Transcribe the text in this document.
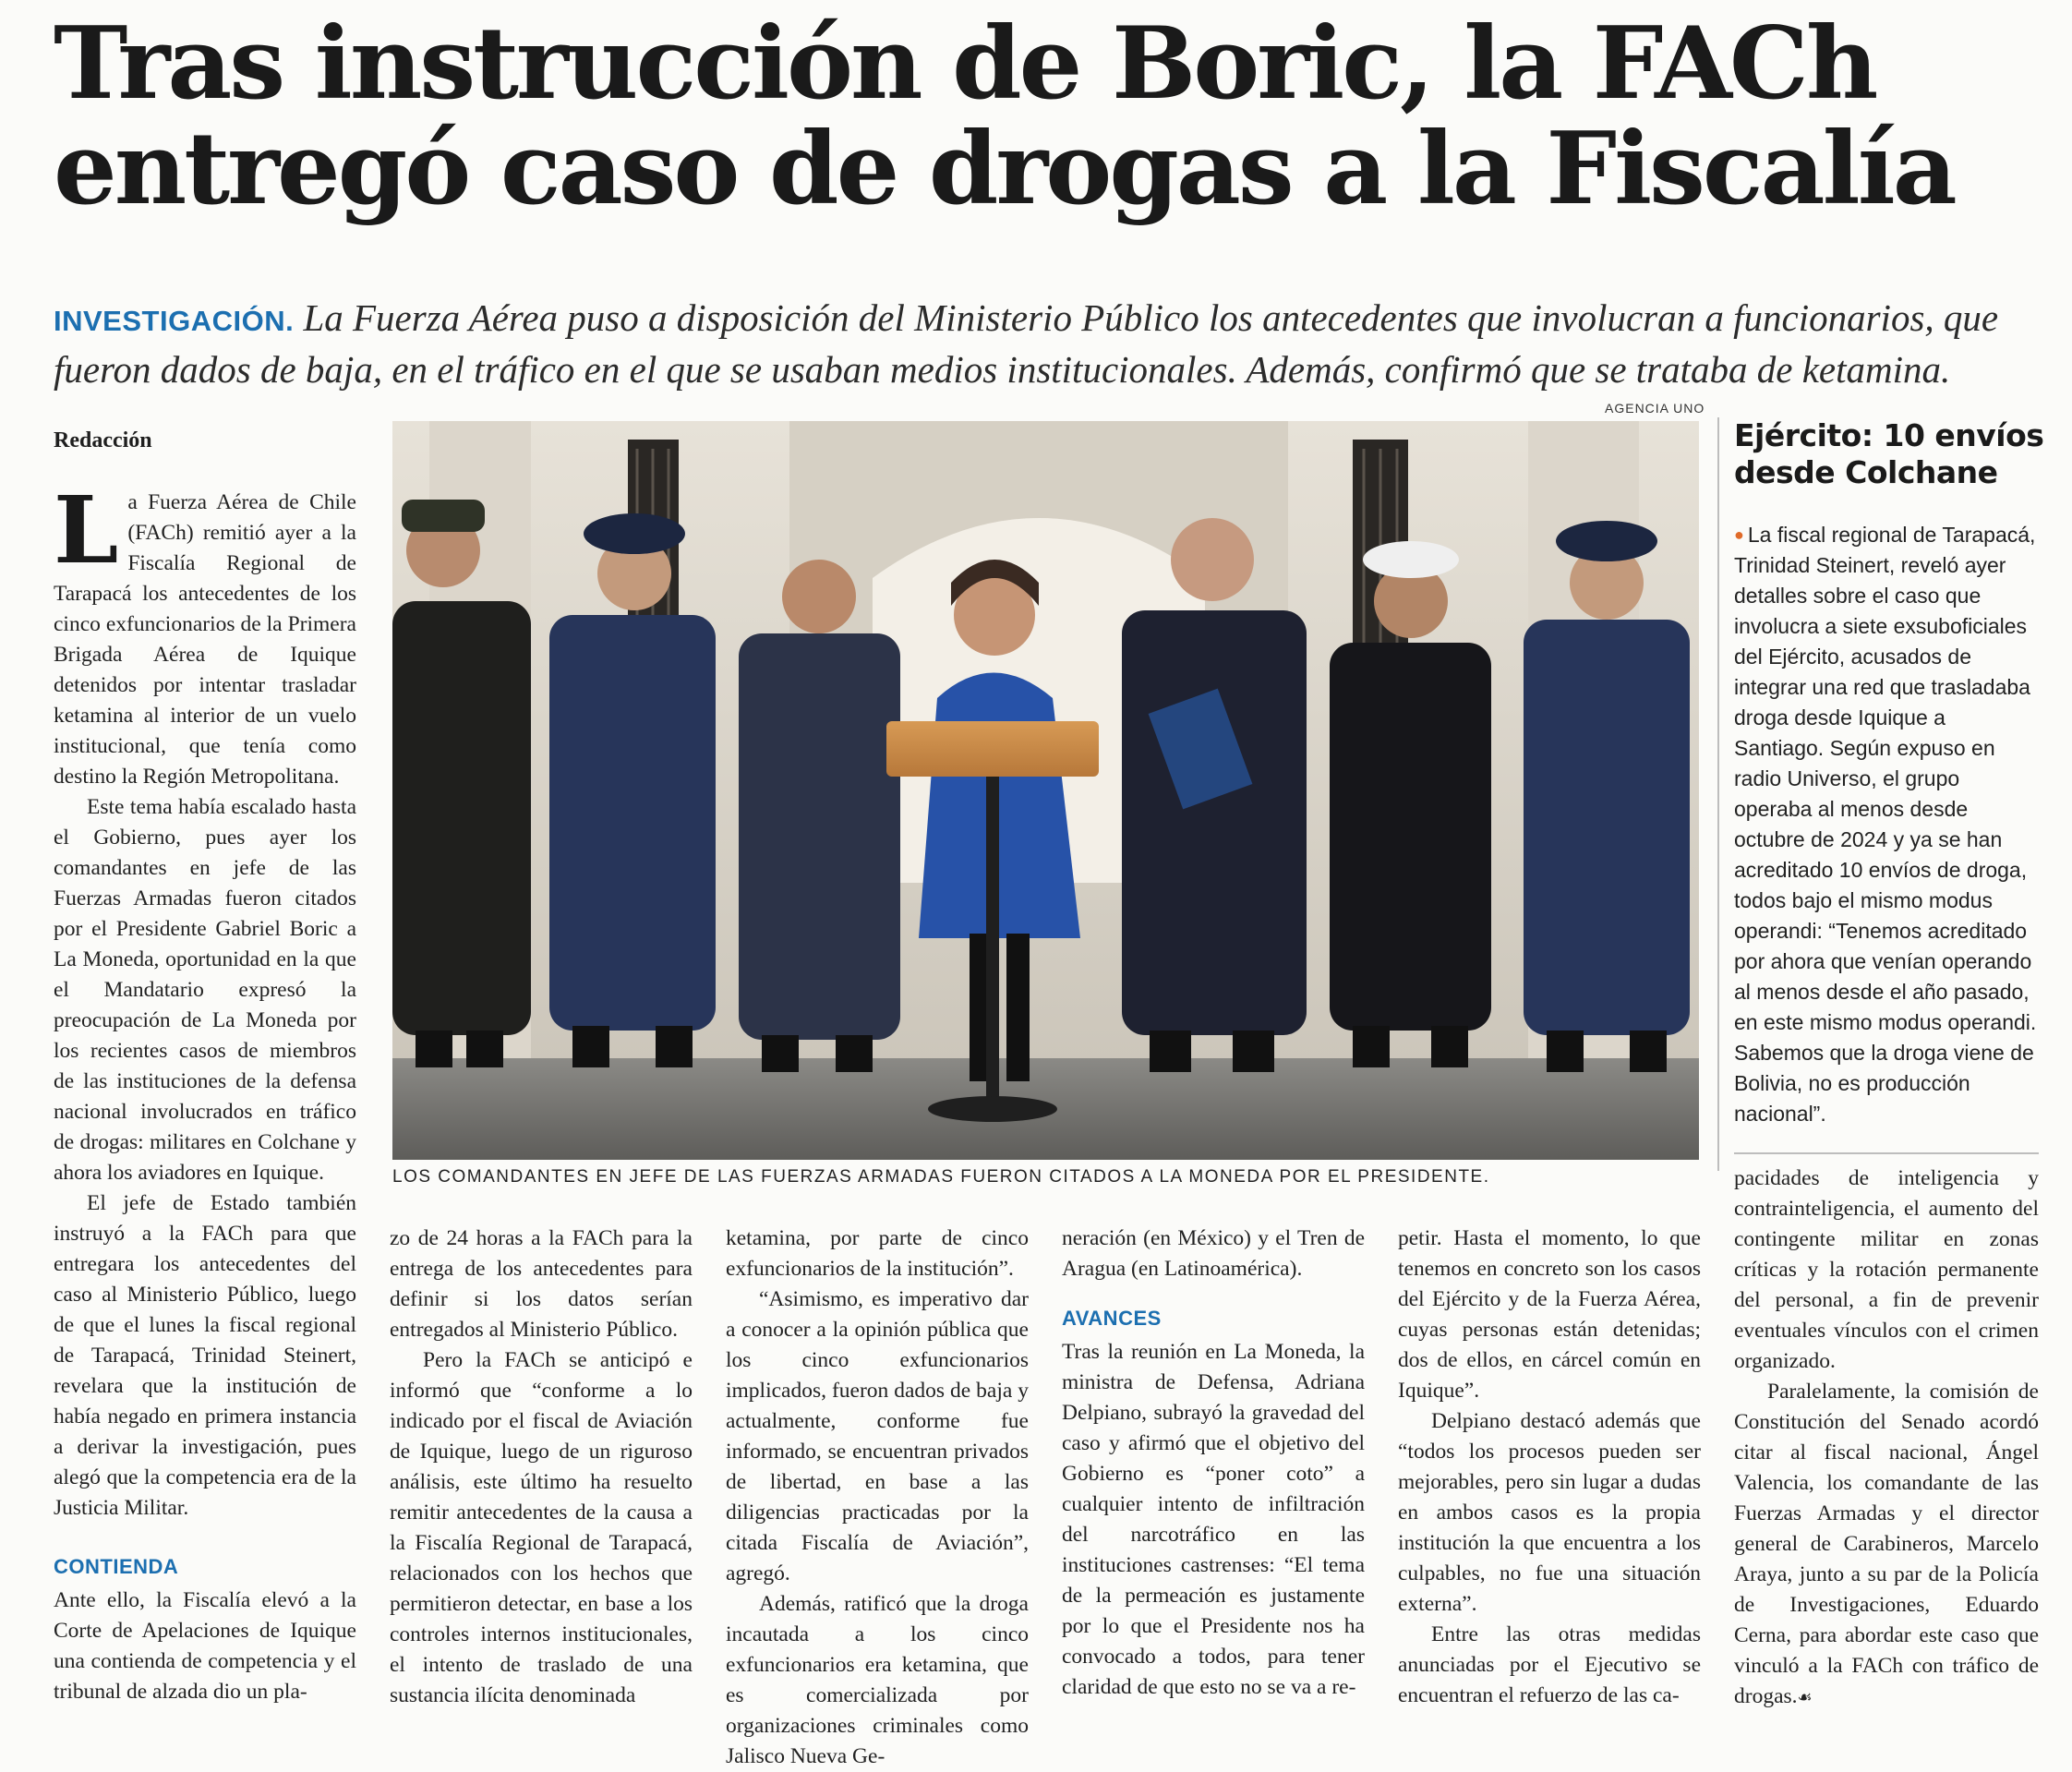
Tras instrucción de Boric, la FACh
entregó caso de drogas a la Fiscalía
INVESTIGACIÓN. La Fuerza Aérea puso a disposición del Ministerio Público los antecedentes que involucran a funcionarios, que fueron dados de baja, en el tráfico en el que se usaban medios institucionales. Además, confirmó que se trataba de ketamina.
Redacción
AGENCIA UNO
LOS COMANDANTES EN JEFE DE LAS FUERZAS ARMADAS FUERON CITADOS A LA MONEDA POR EL PRESIDENTE.

La Fuerza Aérea de Chile (FACh) remitió ayer a la Fiscalía Regional de Tarapacá los antecedentes de los cinco exfuncionarios de la Primera Brigada Aérea de Iquique detenidos por intentar trasladar ketamina al interior de un vuelo institucional, que tenía como destino la Región Metropolitana.

Este tema había escalado hasta el Gobierno, pues ayer los comandantes en jefe de las Fuerzas Armadas fueron citados por el Presidente Gabriel Boric a La Moneda, oportunidad en la que el Mandatario expresó la preocupación de La Moneda por los recientes casos de miembros de las instituciones de la defensa nacional involucrados en tráfico de drogas: militares en Colchane y ahora los aviadores en Iquique.

El jefe de Estado también instruyó a la FACh para que entregara los antecedentes del caso al Ministerio Público, luego de que el lunes la fiscal regional de Tarapacá, Trinidad Steinert, revelara que la institución de había negado en primera instancia a derivar la investigación, pues alegó que la competencia era de la Justicia Militar.

CONTIENDA

Ante ello, la Fiscalía elevó a la Corte de Apelaciones de Iquique una contienda de competencia y el tribunal de alzada dio un pla-

zo de 24 horas a la FACh para la entrega de los antecedentes para definir si los datos serían entregados al Ministerio Público.

Pero la FACh se anticipó e informó que “conforme a lo indicado por el fiscal de Aviación de Iquique, luego de un riguroso análisis, este último ha resuelto remitir antecedentes de la causa a la Fiscalía Regional de Tarapacá, relacionados con los hechos que permitieron detectar, en base a los controles internos institucionales, el intento de traslado de una sustancia ilícita denominada

ketamina, por parte de cinco exfuncionarios de la institución”.

“Asimismo, es imperativo dar a conocer a la opinión pública que los cinco exfuncionarios implicados, fueron dados de baja y actualmente, conforme fue informado, se encuentran privados de libertad, en base a las diligencias practicadas por la citada Fiscalía de Aviación”, agregó.

Además, ratificó que la droga incautada a los cinco exfuncionarios era ketamina, que es comercializada por organizaciones criminales como Jalisco Nueva Ge-

neración (en México) y el Tren de Aragua (en Latinoamérica).

AVANCES

Tras la reunión en La Moneda, la ministra de Defensa, Adriana Delpiano, subrayó la gravedad del caso y afirmó que el objetivo del Gobierno es “poner coto” a cualquier intento de infiltración del narcotráfico en las instituciones castrenses: “El tema de la permeación es justamente por lo que el Presidente nos ha convocado a todos, para tener claridad de que esto no se va a re-

petir. Hasta el momento, lo que tenemos en concreto son los casos del Ejército y de la Fuerza Aérea, cuyas personas están detenidas; dos de ellos, en cárcel común en Iquique”.

Delpiano destacó además que “todos los procesos pueden ser mejorables, pero sin lugar a dudas en ambos casos es la propia institución la que encuentra a los culpables, no fue una situación externa”.

Entre las otras medidas anunciadas por el Ejecutivo se encuentran el refuerzo de las ca-

pacidades de inteligencia y contrainteligencia, el aumento del contingente militar en zonas críticas y la rotación permanente del personal, a fin de prevenir eventuales vínculos con el crimen organizado.

Paralelamente, la comisión de Constitución del Senado acordó citar al fiscal nacional, Ángel Valencia, los comandante de las Fuerzas Armadas y el director general de Carabineros, Marcelo Araya, junto a su par de la Policía de Investigaciones, Eduardo Cerna, para abordar este caso que vinculó a la FACh con tráfico de drogas.☙

Ejército: 10 envíos desde Colchane
● La fiscal regional de Tarapacá, Trinidad Steinert, reveló ayer detalles sobre el caso que involucra a siete exsuboficiales del Ejército, acusados de integrar una red que trasladaba droga desde Iquique a Santiago. Según expuso en radio Universo, el grupo operaba al menos desde octubre de 2024 y ya se han acreditado 10 envíos de droga, todos bajo el mismo modus operandi: “Tenemos acreditado por ahora que venían operando al menos desde el año pasado, en este mismo modus operandi. Sabemos que la droga viene de Bolivia, no es producción nacional”.
